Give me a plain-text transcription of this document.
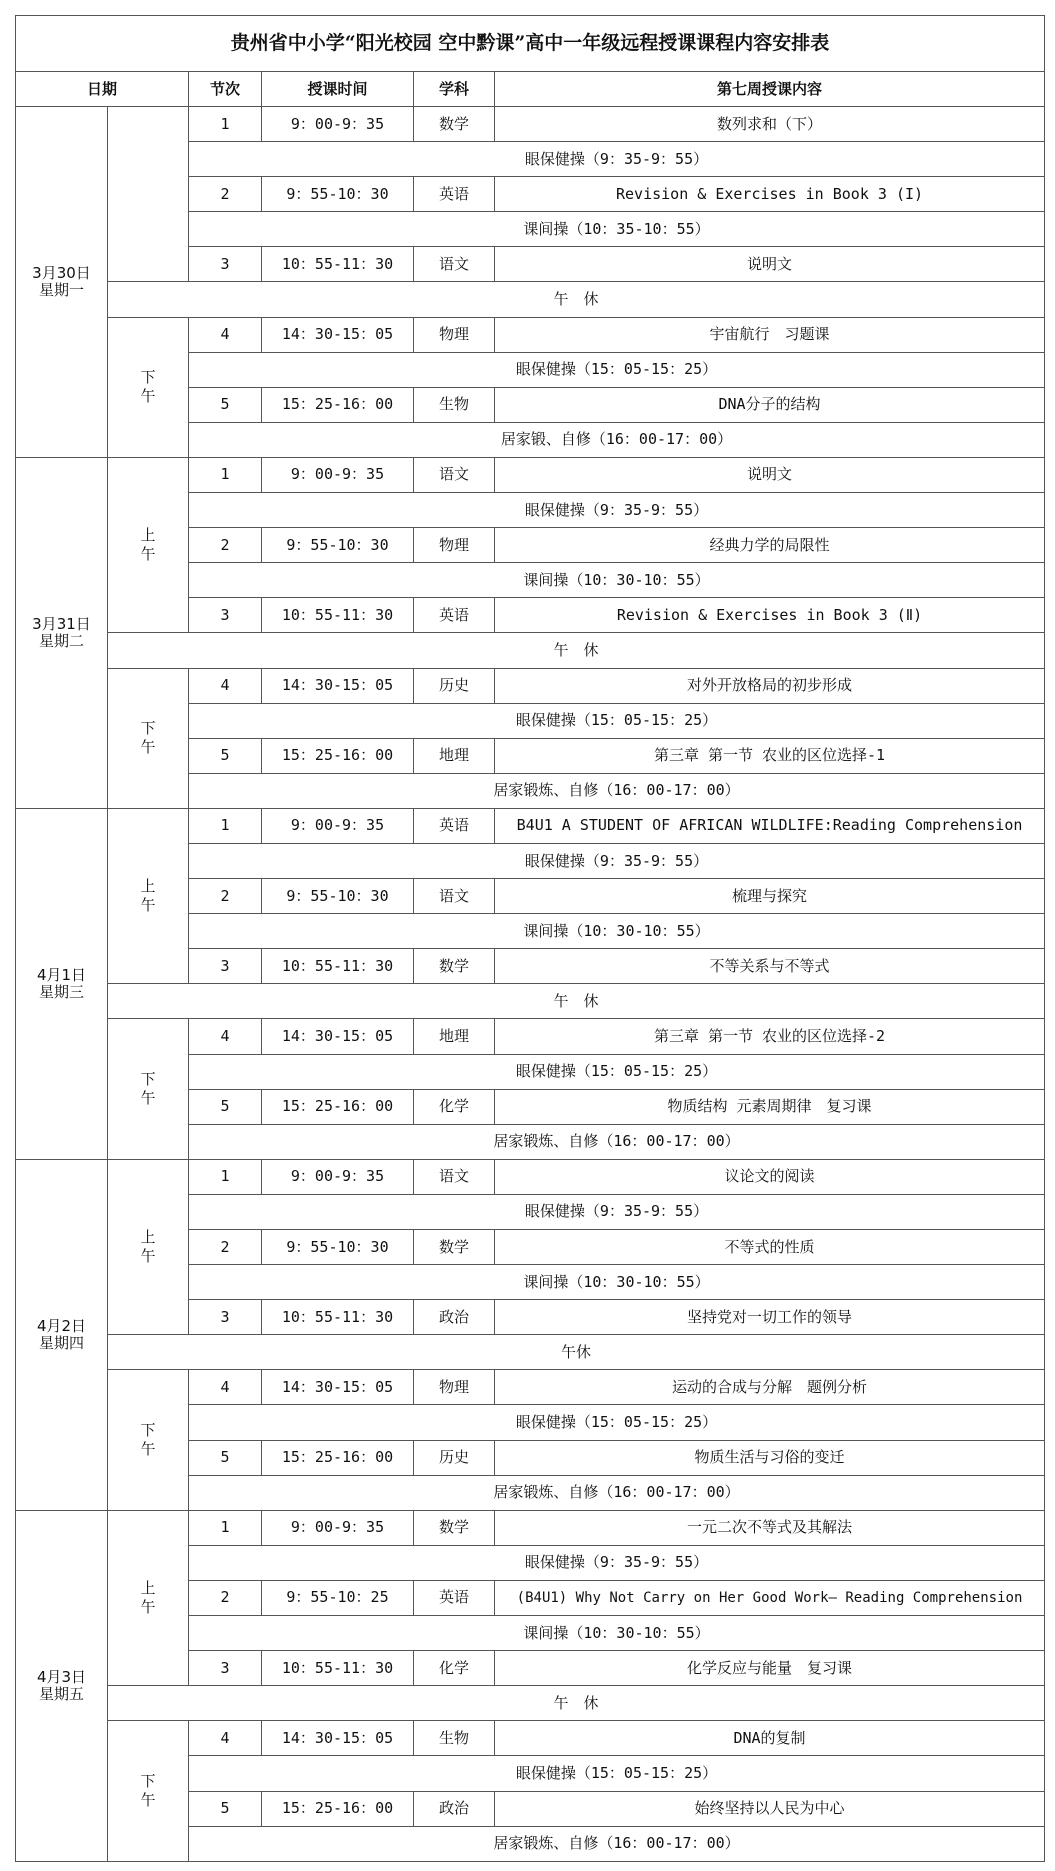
贵州省中小学“阳光校园 空中黔课”高中一年级远程授课课程内容安排表					
日期		节次	授课时间	学科	第七周授课内容

3月30日
星期一		1	9：00-9：35	数学	数列求和（下）
		眼保健操（9：35-9：55）			
		2	9：55-10：30	英语	Revision & Exercises in Book 3 (I)
		课间操（10：35-10：55）			
		3	10：55-11：30	语文	说明文
	午　休				
	下午	4	14：30-15：05	物理	宇宙航行　习题课
		眼保健操（15：05-15：25）			
		5	15：25-16：00	生物	DNA分子的结构
		居家锻、自修（16：00-17：00）			

3月31日
星期二	上午	1	9：00-9：35	语文	说明文
		眼保健操（9：35-9：55）			
		2	9：55-10：30	物理	经典力学的局限性
		课间操（10：30-10：55）			
		3	10：55-11：30	英语	Revision & Exercises in Book 3 (Ⅱ)
	午　休				
	下午	4	14：30-15：05	历史	对外开放格局的初步形成
		眼保健操（15：05-15：25）			
		5	15：25-16：00	地理	第三章 第一节 农业的区位选择-1
		居家锻炼、自修（16：00-17：00）			

4月1日
星期三	上午	1	9：00-9：35	英语	B4U1 A STUDENT OF AFRICAN WILDLIFE:Reading Comprehension
		眼保健操（9：35-9：55）			
		2	9：55-10：30	语文	梳理与探究
		课间操（10：30-10：55）			
		3	10：55-11：30	数学	不等关系与不等式
	午　休				
	下午	4	14：30-15：05	地理	第三章 第一节 农业的区位选择-2
		眼保健操（15：05-15：25）			
		5	15：25-16：00	化学	物质结构 元素周期律　复习课
		居家锻炼、自修（16：00-17：00）			

4月2日
星期四	上午	1	9：00-9：35	语文	议论文的阅读
		眼保健操（9：35-9：55）			
		2	9：55-10：30	数学	不等式的性质
		课间操（10：30-10：55）			
		3	10：55-11：30	政治	坚持党对一切工作的领导
	午休				
	下午	4	14：30-15：05	物理	运动的合成与分解　题例分析
		眼保健操（15：05-15：25）			
		5	15：25-16：00	历史	物质生活与习俗的变迁
		居家锻炼、自修（16：00-17：00）			

4月3日
星期五	上午	1	9：00-9：35	数学	一元二次不等式及其解法
		眼保健操（9：35-9：55）			
		2	9：55-10：25	英语	(B4U1) Why Not Carry on Her Good Work— Reading Comprehension
		课间操（10：30-10：55）			
		3	10：55-11：30	化学	化学反应与能量　复习课
	午　休				
	下午	4	14：30-15：05	生物	DNA的复制
		眼保健操（15：05-15：25）			
		5	15：25-16：00	政治	始终坚持以人民为中心
		居家锻炼、自修（16：00-17：00）			
